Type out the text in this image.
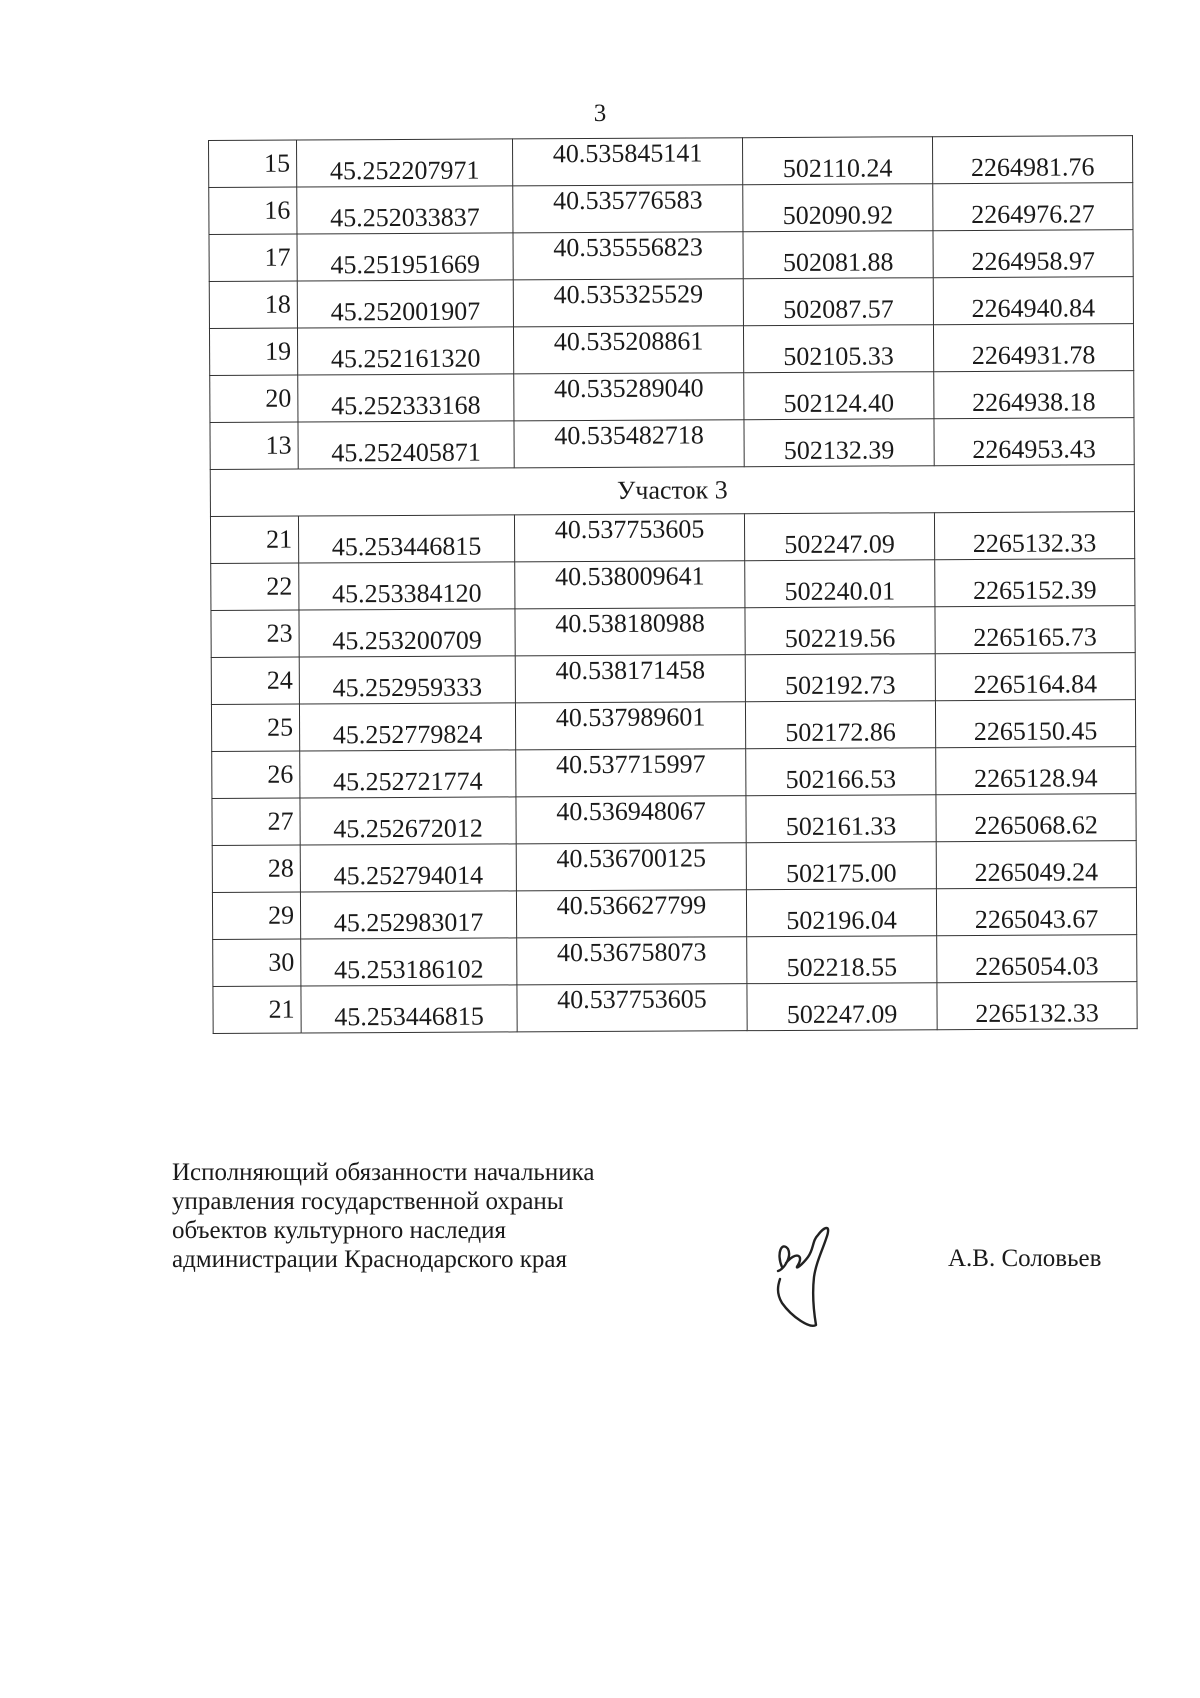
3
15	45.252207971	40.535845141	502110.24	2264981.76
16	45.252033837	40.535776583	502090.92	2264976.27
17	45.251951669	40.535556823	502081.88	2264958.97
18	45.252001907	40.535325529	502087.57	2264940.84
19	45.252161320	40.535208861	502105.33	2264931.78
20	45.252333168	40.535289040	502124.40	2264938.18
13	45.252405871	40.535482718	502132.39	2264953.43
Участок 3				
21	45.253446815	40.537753605	502247.09	2265132.33
22	45.253384120	40.538009641	502240.01	2265152.39
23	45.253200709	40.538180988	502219.56	2265165.73
24	45.252959333	40.538171458	502192.73	2265164.84
25	45.252779824	40.537989601	502172.86	2265150.45
26	45.252721774	40.537715997	502166.53	2265128.94
27	45.252672012	40.536948067	502161.33	2265068.62
28	45.252794014	40.536700125	502175.00	2265049.24
29	45.252983017	40.536627799	502196.04	2265043.67
30	45.253186102	40.536758073	502218.55	2265054.03
21	45.253446815	40.537753605	502247.09	2265132.33
Исполняющий обязанности начальника
управления государственной охраны
объектов культурного наследия
администрации Краснодарского края	А.В. Соловьев
